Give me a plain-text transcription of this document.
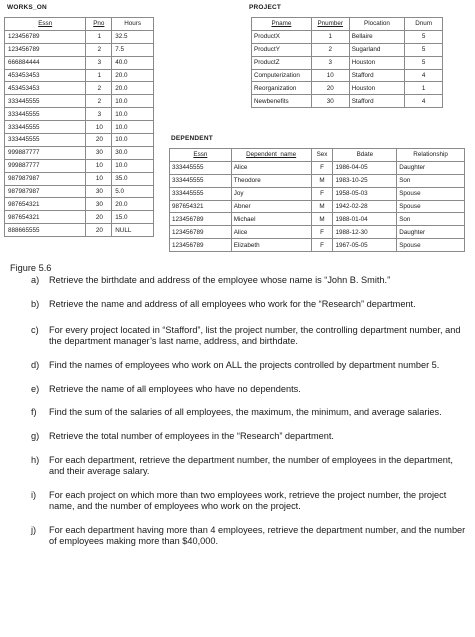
WORKS_ON
Essn	Pno	Hours
123456789	1	32.5
123456789	2	7.5
666884444	3	40.0
453453453	1	20.0
453453453	2	20.0
333445555	2	10.0
333445555	3	10.0
333445555	10	10.0
333445555	20	10.0
999887777	30	30.0
999887777	10	10.0
987987987	10	35.0
987987987	30	5.0
987654321	30	20.0
987654321	20	15.0
888665555	20	NULL
PROJECT
Pname	Pnumber	Plocation	Dnum
ProductX	1	Bellaire	5
ProductY	2	Sugarland	5
ProductZ	3	Houston	5
Computerization	10	Stafford	4
Reorganization	20	Houston	1
Newbenefits	30	Stafford	4
DEPENDENT
Essn	Dependent_name	Sex	Bdate	Relationship
333445555	Alice	F	1986-04-05	Daughter
333445555	Theodore	M	1983-10-25	Son
333445555	Joy	F	1958-05-03	Spouse
987654321	Abner	M	1942-02-28	Spouse
123456789	Michael	M	1988-01-04	Son
123456789	Alice	F	1988-12-30	Daughter
123456789	Elizabeth	F	1967-05-05	Spouse
Figure 5.6
a) Retrieve the birthdate and address of the employee whose name is “John B. Smith.”
b) Retrieve the name and address of all employees who work for the “Research” department.
c) For every project located in “Stafford”, list the project number, the controlling department number, and the department manager’s last name, address, and birthdate.
d) Find the names of employees who work on ALL the projects controlled by department number 5.
e) Retrieve the name of all employees who have no dependents.
f) Find the sum of the salaries of all employees, the maximum, the minimum, and average salaries.
g) Retrieve the total number of employees in the “Research” department.
h) For each department, retrieve the department number, the number of employees in the department, and their average salary.
i) For each project on which more than two employees work, retrieve the project number, the project name, and the number of employees who work on the project.
j) For each department having more than 4 employees, retrieve the department number, and the number of employees making more than $40,000.
